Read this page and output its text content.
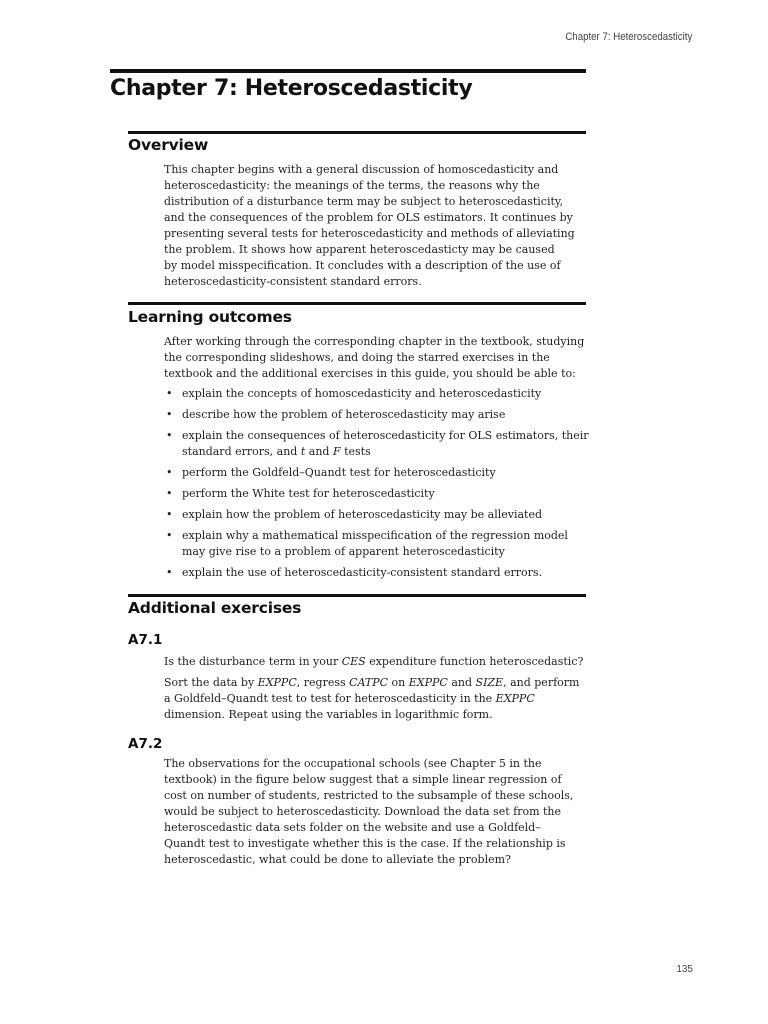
Chapter 7: Heteroscedasticity
Chapter 7: Heteroscedasticity
Overview
This chapter begins with a general discussion of homoscedasticity and
heteroscedasticity: the meanings of the terms, the reasons why the
distribution of a disturbance term may be subject to heteroscedasticity,
and the consequences of the problem for OLS estimators. It continues by
presenting several tests for heteroscedasticity and methods of alleviating
the problem. It shows how apparent heteroscedasticty may be caused
by model misspecification. It concludes with a description of the use of
heteroscedasticity-consistent standard errors.
Learning outcomes
After working through the corresponding chapter in the textbook, studying
the corresponding slideshows, and doing the starred exercises in the
textbook and the additional exercises in this guide, you should be able to:
• explain the concepts of homoscedasticity and heteroscedasticity
• describe how the problem of heteroscedasticity may arise
• explain the consequences of heteroscedasticity for OLS estimators, their
standard errors, and t and F tests
• perform the Goldfeld–Quandt test for heteroscedasticity
• perform the White test for heteroscedasticity
• explain how the problem of heteroscedasticity may be alleviated
• explain why a mathematical misspecification of the regression model
may give rise to a problem of apparent heteroscedasticity
• explain the use of heteroscedasticity-consistent standard errors.
Additional exercises
A7.1
Is the disturbance term in your CES expenditure function heteroscedastic?
Sort the data by EXPPC, regress CATPC on EXPPC and SIZE, and perform
a Goldfeld–Quandt test to test for heteroscedasticity in the EXPPC
dimension. Repeat using the variables in logarithmic form.
A7.2
The observations for the occupational schools (see Chapter 5 in the
textbook) in the figure below suggest that a simple linear regression of
cost on number of students, restricted to the subsample of these schools,
would be subject to heteroscedasticity. Download the data set from the
heteroscedastic data sets folder on the website and use a Goldfeld–
Quandt test to investigate whether this is the case. If the relationship is
heteroscedastic, what could be done to alleviate the problem?
135
